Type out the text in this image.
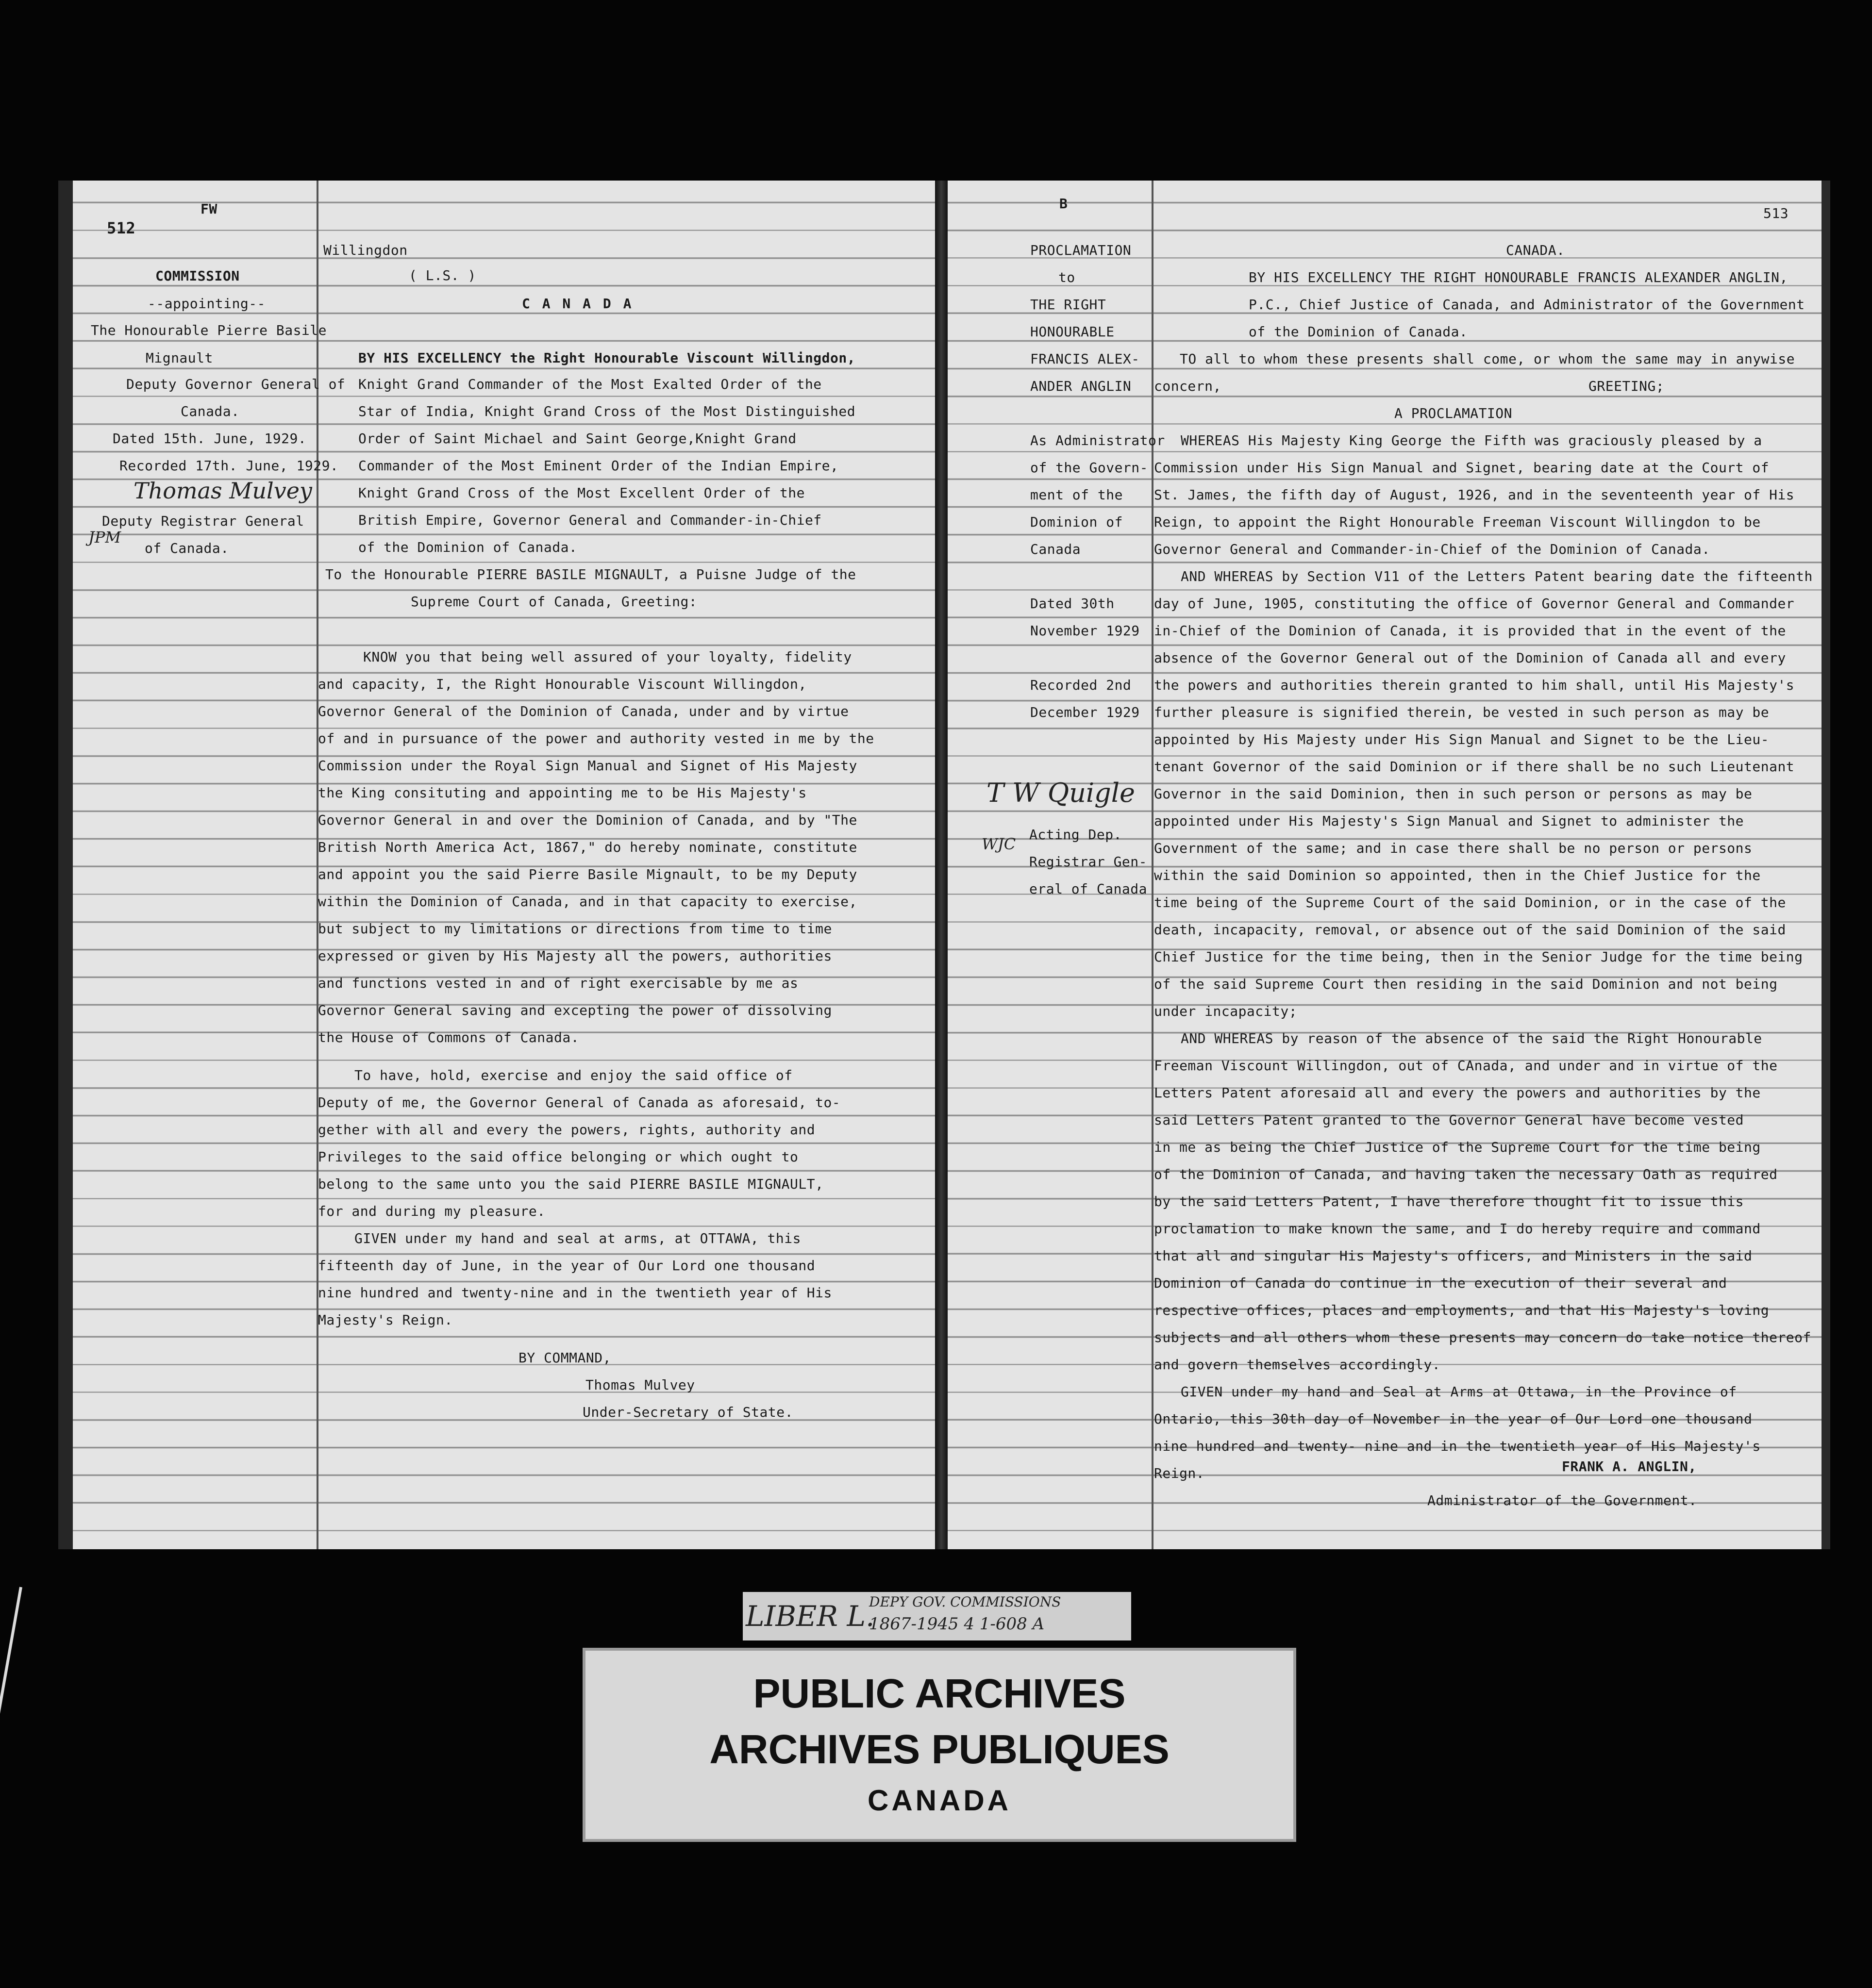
FW
512
COMMISSION
--appointing--
The Honourable Pierre Basile
Mignault
Deputy Governor General of
Canada.
Dated 15th. June, 1929.
Recorded 17th. June, 1929.
Thomas Mulvey
Deputy Registrar General
JPM
of Canada.
Willingdon
( L.S. )
C A N A D A
BY HIS EXCELLENCY the Right Honourable Viscount Willingdon,
Knight Grand Commander of the Most Exalted Order of the
Star of India, Knight Grand Cross of the Most Distinguished
Order of Saint Michael and Saint George,Knight Grand
Commander of the Most Eminent Order of the Indian Empire,
Knight Grand Cross of the Most Excellent Order of the
British Empire, Governor General and Commander-in-Chief
of the Dominion of Canada.
To the Honourable PIERRE BASILE MIGNAULT, a Puisne Judge of the
Supreme Court of Canada, Greeting:
KNOW you that being well assured of your loyalty, fidelity
and capacity, I, the Right Honourable Viscount Willingdon,
Governor General of the Dominion of Canada, under and by virtue
of and in pursuance of the power and authority vested in me by the
Commission under the Royal Sign Manual and Signet of His Majesty
the King consituting and appointing me to be His Majesty's
Governor General in and over the Dominion of Canada, and by "The
British North America Act, 1867," do hereby nominate, constitute
and appoint you the said Pierre Basile Mignault, to be my Deputy
within the Dominion of Canada, and in that capacity to exercise,
but subject to my limitations or directions from time to time
expressed or given by His Majesty all the powers, authorities
and functions vested in and of right exercisable by me as
Governor General saving and excepting the power of dissolving
the House of Commons of Canada.
To have, hold, exercise and enjoy the said office of
Deputy of me, the Governor General of Canada as aforesaid, to-
gether with all and every the powers, rights, authority and
Privileges to the said office belonging or which ought to
belong to the same unto you the said PIERRE BASILE MIGNAULT,
for and during my pleasure.
GIVEN under my hand and seal at arms, at OTTAWA, this
fifteenth day of June, in the year of Our Lord one thousand
nine hundred and twenty-nine and in the twentieth year of His
Majesty's Reign.
BY COMMAND,
Thomas Mulvey
Under-Secretary of State.
B
513
PROCLAMATION
to
THE RIGHT
HONOURABLE
FRANCIS ALEX-
ANDER ANGLIN
As Administrator
of the Govern-
ment of the
Dominion of
Canada
Dated 30th
November 1929
Recorded 2nd
December 1929
T W Quigle
WJC
Acting Dep.
Registrar Gen-
eral of Canada
CANADA.
BY HIS EXCELLENCY THE RIGHT HONOURABLE FRANCIS ALEXANDER ANGLIN,
P.C., Chief Justice of Canada, and Administrator of the Government
of the Dominion of Canada.
TO all to whom these presents shall come, or whom the same may in anywise
concern,	GREETING;
A PROCLAMATION
WHEREAS His Majesty King George the Fifth was graciously pleased by a
Commission under His Sign Manual and Signet, bearing date at the Court of
St. James, the fifth day of August, 1926, and in the seventeenth year of His
Reign, to appoint the Right Honourable Freeman Viscount Willingdon to be
Governor General and Commander-in-Chief of the Dominion of Canada.
AND WHEREAS by Section V11 of the Letters Patent bearing date the fifteenth
day of June, 1905, constituting the office of Governor General and Commander
in-Chief of the Dominion of Canada, it is provided that in the event of the
absence of the Governor General out of the Dominion of Canada all and every
the powers and authorities therein granted to him shall, until His Majesty's
further pleasure is signified therein, be vested in such person as may be
appointed by His Majesty under His Sign Manual and Signet to be the Lieu-
tenant Governor of the said Dominion or if there shall be no such Lieutenant
Governor in the said Dominion, then in such person or persons as may be
appointed under His Majesty's Sign Manual and Signet to administer the
Government of the same; and in case there shall be no person or persons
within the said Dominion so appointed, then in the Chief Justice for the
time being of the Supreme Court of the said Dominion, or in the case of the
death, incapacity, removal, or absence out of the said Dominion of the said
Chief Justice for the time being, then in the Senior Judge for the time being
of the said Supreme Court then residing in the said Dominion and not being
under incapacity;
AND WHEREAS by reason of the absence of the said the Right Honourable
Freeman Viscount Willingdon, out of CAnada, and under and in virtue of the
Letters Patent aforesaid all and every the powers and authorities by the
said Letters Patent granted to the Governor General have become vested
in me as being the Chief Justice of the Supreme Court for the time being
of the Dominion of Canada, and having taken the necessary Oath as required
by the said Letters Patent, I have therefore thought fit to issue this
proclamation to make known the same, and I do hereby require and command
that all and singular His Majesty's officers, and Ministers in the said
Dominion of Canada do continue in the execution of their several and
respective offices, places and employments, and that His Majesty's loving
subjects and all others whom these presents may concern do take notice thereof
and govern themselves accordingly.
GIVEN under my hand and Seal at Arms at Ottawa, in the Province of
Ontario, this 30th day of November in the year of Our Lord one thousand
nine hundred and twenty- nine and in the twentieth year of His Majesty's
Reign.	FRANK A. ANGLIN,
Administrator of the Government.
LIBER L.
DEPY GOV. COMMISSIONS
1867-1945 4 1-608 A
PUBLIC ARCHIVES
ARCHIVES PUBLIQUES
CANADA
